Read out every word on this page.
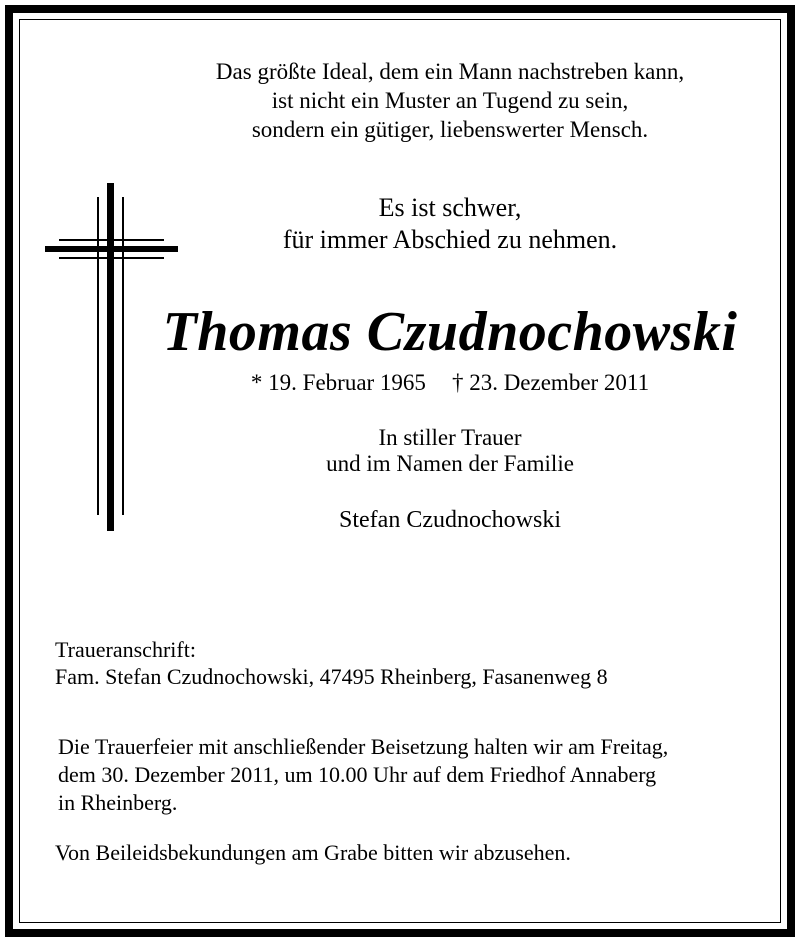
Das größte Ideal, dem ein Mann nachstreben kann,
ist nicht ein Muster an Tugend zu sein,
sondern ein gütiger, liebenswerter Mensch.

Es ist schwer,
für immer Abschied zu nehmen.

Thomas Czudnochowski

* 19. Februar 1965 † 23. Dezember 2011

In stiller Trauer
und im Namen der Familie

Stefan Czudnochowski

Traueranschrift:
Fam. Stefan Czudnochowski, 47495 Rheinberg, Fasanenweg 8

Die Trauerfeier mit anschließender Beisetzung halten wir am Freitag,
dem 30. Dezember 2011, um 10.00 Uhr auf dem Friedhof Annaberg
in Rheinberg.

Von Beileidsbekundungen am Grabe bitten wir abzusehen.
